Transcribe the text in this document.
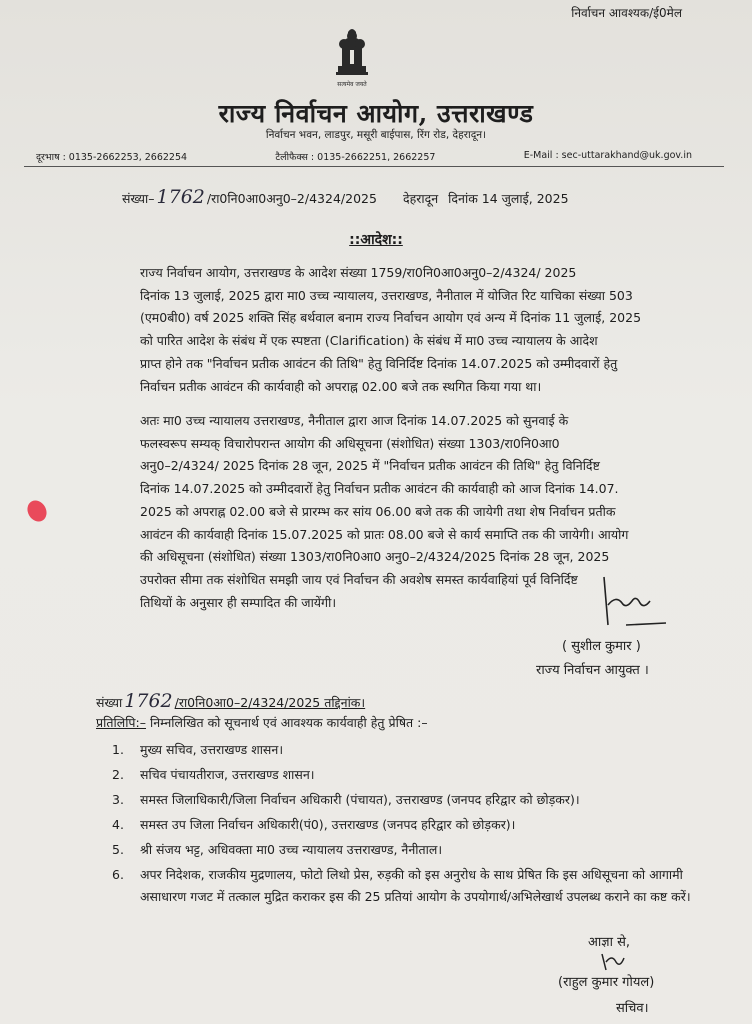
निर्वाचन आवश्यक/ई0मेल
सत्यमेव जयते
राज्य निर्वाचन आयोग, उत्तराखण्ड
निर्वाचन भवन, लाडपुर, मसूरी बाईपास, रिंग रोड, देहरादून।
दूरभाष : 0135-2662253, 2662254	टैलीफैक्स : 0135-2662251, 2662257	E-Mail : sec-uttarakhand@uk.gov.in
संख्या– 1762 /रा0नि0आ0अनु0–2/4324/2025 देहरादून दिनांक 14 जुलाई, 2025
::आदेश::
राज्य निर्वाचन आयोग, उत्तराखण्ड के आदेश संख्या 1759/रा0नि0आ0अनु0–2/4324/ 2025
दिनांक 13 जुलाई, 2025 द्वारा मा0 उच्च न्यायालय, उत्तराखण्ड, नैनीताल में योजित रिट याचिका संख्या 503
(एम0बी0) वर्ष 2025 शक्ति सिंह बर्थवाल बनाम राज्य निर्वाचन आयोग एवं अन्य में दिनांक 11 जुलाई, 2025
को पारित आदेश के संबंध में एक स्पष्टता (Clarification) के संबंध में मा0 उच्च न्यायालय के आदेश
प्राप्त होने तक "निर्वाचन प्रतीक आवंटन की तिथि" हेतु विनिर्दिष्ट दिनांक 14.07.2025 को उम्मीदवारों हेतु
निर्वाचन प्रतीक आवंटन की कार्यवाही को अपराह्न 02.00 बजे तक स्थगित किया गया था।
अतः मा0 उच्च न्यायालय उत्तराखण्ड, नैनीताल द्वारा आज दिनांक 14.07.2025 को सुनवाई के
फलस्वरूप सम्यक् विचारोपरान्त आयोग की अधिसूचना (संशोधित) संख्या 1303/रा0नि0आ0
अनु0–2/4324/ 2025 दिनांक 28 जून, 2025 में "निर्वाचन प्रतीक आवंटन की तिथि" हेतु विनिर्दिष्ट
दिनांक 14.07.2025 को उम्मीदवारों हेतु निर्वाचन प्रतीक आवंटन की कार्यवाही को आज दिनांक 14.07.
2025 को अपराह्न 02.00 बजे से प्रारम्भ कर सांय 06.00 बजे तक की जायेगी तथा शेष निर्वाचन प्रतीक
आवंटन की कार्यवाही दिनांक 15.07.2025 को प्रातः 08.00 बजे से कार्य समाप्ति तक की जायेगी। आयोग
की अधिसूचना (संशोधित) संख्या 1303/रा0नि0आ0 अनु0–2/4324/2025 दिनांक 28 जून, 2025
उपरोक्त सीमा तक संशोधित समझी जाय एवं निर्वाचन की अवशेष समस्त कार्यवाहियां पूर्व विनिर्दिष्ट
तिथियों के अनुसार ही सम्पादित की जायेंगी।
( सुशील कुमार )
राज्य निर्वाचन आयुक्त ।
संख्या 1762 /रा0नि0आ0–2/4324/2025 तद्दिनांक।
प्रतिलिपि:– निम्नलिखित को सूचनार्थ एवं आवश्यक कार्यवाही हेतु प्रेषित :–
1.	मुख्य सचिव, उत्तराखण्ड शासन।
2.	सचिव पंचायतीराज, उत्तराखण्ड शासन।
3.	समस्त जिलाधिकारी/जिला निर्वाचन अधिकारी (पंचायत), उत्तराखण्ड (जनपद हरिद्वार को छोड़कर)।
4.	समस्त उप जिला निर्वाचन अधिकारी(पं0), उत्तराखण्ड (जनपद हरिद्वार को छोड़कर)।
5.	श्री संजय भट्ट, अधिवक्ता मा0 उच्च न्यायालय उत्तराखण्ड, नैनीताल।
6.	अपर निदेशक, राजकीय मुद्रणालय, फोटो लिथो प्रेस, रुड़की को इस अनुरोध के साथ प्रेषित कि इस अधिसूचना को आगामी असाधारण गजट में तत्काल मुद्रित कराकर इस की 25 प्रतियां आयोग के उपयोगार्थ/अभिलेखार्थ उपलब्ध कराने का कष्ट करें।
आज्ञा से,
(राहुल कुमार गोयल)
सचिव।
